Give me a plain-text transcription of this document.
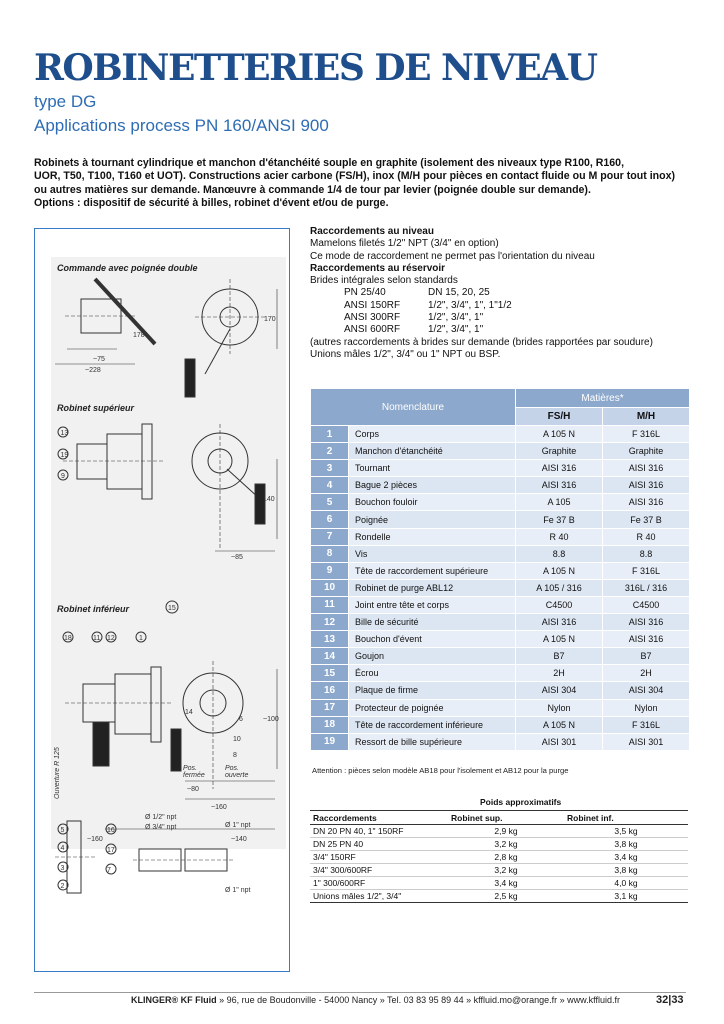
ROBINETTERIES DE NIVEAU
type DG
Applications process PN 160/ANSI 900
Robinets à tournant cylindrique et manchon d'étanchéité souple en graphite (isolement des niveaux type R100, R160,
UOR, T50, T100, T160 et UOT). Constructions acier carbone (FS/H), inox (M/H pour pièces en contact fluide ou M pour tout inox)
ou autres matières sur demande. Manœuvre à commande 1/4 de tour par levier (poignée double sur demande).
Options : dispositif de sécurité à billes, robinet d'évent et/ou de purge.
178
170
~75
~228
140
~85
~100
~80
~160
Ø 1/2" npt
Ø 3/4" npt	Ø 1" npt
~160	~140
Ø 1" npt
13
19
9
15
18	11 12	1
14
6
10
5	16
17
4
7
3
2
8
Commande avec poignée double
Robinet supérieur
Robinet inférieur
Ouverture R 125	Pos. fermée
Pos. ouverte
Raccordements au niveau
Mamelons filetés 1/2" NPT (3/4" en option)
Ce mode de raccordement ne permet pas l'orientation du niveau
Raccordements au réservoir
Brides intégrales selon standards
PN 25/40	DN 15, 20, 25
ANSI 150RF	1/2", 3/4", 1", 1"1/2
ANSI 300RF	1/2", 3/4", 1"
ANSI 600RF	1/2", 3/4", 1"
(autres raccordements à brides sur demande (brides rapportées par soudure)
Unions mâles 1/2", 3/4" ou 1" NPT ou BSP.
Nomenclature		Matières*	
		FS/H	M/H
1	Corps	A 105 N	F 316L
2	Manchon d'étanchéité	Graphite	Graphite
3	Tournant	AISI 316	AISI 316
4	Bague 2 pièces	AISI 316	AISI 316
5	Bouchon fouloir	A 105	AISI 316
6	Poignée	Fe 37 B	Fe 37 B
7	Rondelle	R 40	R 40
8	Vis	8.8	8.8
9	Tête de raccordement supérieure	A 105 N	F 316L
10	Robinet de purge ABL12	A 105 / 316	316L / 316
11	Joint entre tête et corps	C4500	C4500
12	Bille de sécurité	AISI 316	AISI 316
13	Bouchon d'évent	A 105 N	AISI 316
14	Goujon	B7	B7
15	Écrou	2H	2H
16	Plaque de firme	AISI 304	AISI 304
17	Protecteur de poignée	Nylon	Nylon
18	Tête de raccordement inférieure	A 105 N	F 316L
19	Ressort de bille supérieure	AISI 301	AISI 301
Attention : pièces selon modèle AB18 pour l'isolement et AB12 pour la purge
Poids approximatifs
Raccordements	Robinet sup.	Robinet inf.
DN 20 PN 40, 1" 150RF	2,9 kg	3,5 kg
DN 25 PN 40	3,2 kg	3,8 kg
3/4" 150RF	2,8 kg	3,4 kg
3/4" 300/600RF	3,2 kg	3,8 kg
1" 300/600RF	3,4 kg	4,0 kg
Unions mâles 1/2", 3/4"	2,5 kg	3,1 kg
KLINGER® KF Fluid » 96, rue de Boudonville - 54000 Nancy » Tel. 03 83 95 89 44 » kffluid.mo@orange.fr » www.kffluid.fr	32|33
